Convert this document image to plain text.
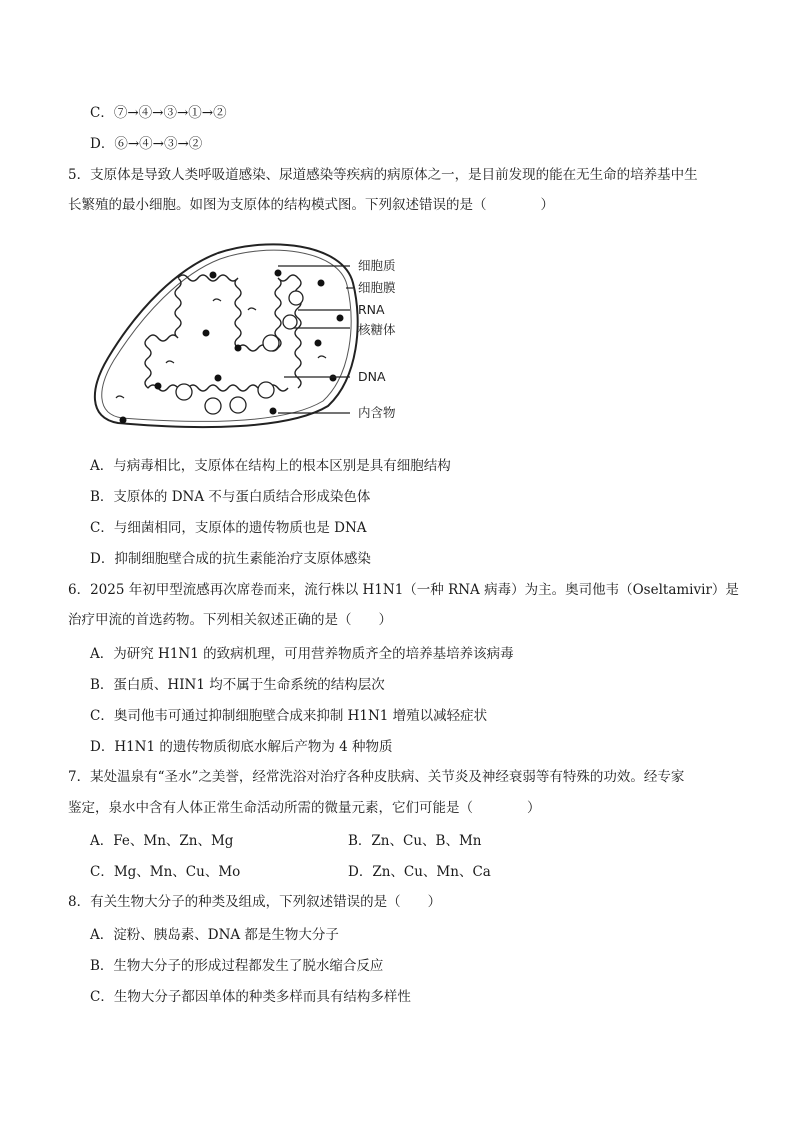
C．⑦→④→③→①→②
D．⑥→④→③→②
5．支原体是导致人类呼吸道感染、尿道感染等疾病的病原体之一，是目前发现的能在无生命的培养基中生
长繁殖的最小细胞。如图为支原体的结构模式图。下列叙述错误的是（　　　　）
细胞质
细胞膜
RNA
核糖体
DNA
内含物
A．与病毒相比，支原体在结构上的根本区别是具有细胞结构
B．支原体的 DNA 不与蛋白质结合形成染色体
C．与细菌相同，支原体的遗传物质也是 DNA
D．抑制细胞壁合成的抗生素能治疗支原体感染
6．2025 年初甲型流感再次席卷而来，流行株以 H1N1（一种 RNA 病毒）为主。奥司他韦（Oseltamivir）是
治疗甲流的首选药物。下列相关叙述正确的是（　　）
A．为研究 H1N1 的致病机理，可用营养物质齐全的培养基培养该病毒
B．蛋白质、HIN1 均不属于生命系统的结构层次
C．奥司他韦可通过抑制细胞壁合成来抑制 H1N1 增殖以减轻症状
D．H1N1 的遗传物质彻底水解后产物为 4 种物质
7．某处温泉有“圣水”之美誉，经常洗浴对治疗各种皮肤病、关节炎及神经衰弱等有特殊的功效。经专家
鉴定，泉水中含有人体正常生命活动所需的微量元素，它们可能是（　　　　）
A．Fe、Mn、Zn、Mg	B．Zn、Cu、B、Mn
C．Mg、Mn、Cu、Mo	D．Zn、Cu、Mn、Ca
8．有关生物大分子的种类及组成，下列叙述错误的是（　　）
A．淀粉、胰岛素、DNA 都是生物大分子
B．生物大分子的形成过程都发生了脱水缩合反应
C．生物大分子都因单体的种类多样而具有结构多样性
